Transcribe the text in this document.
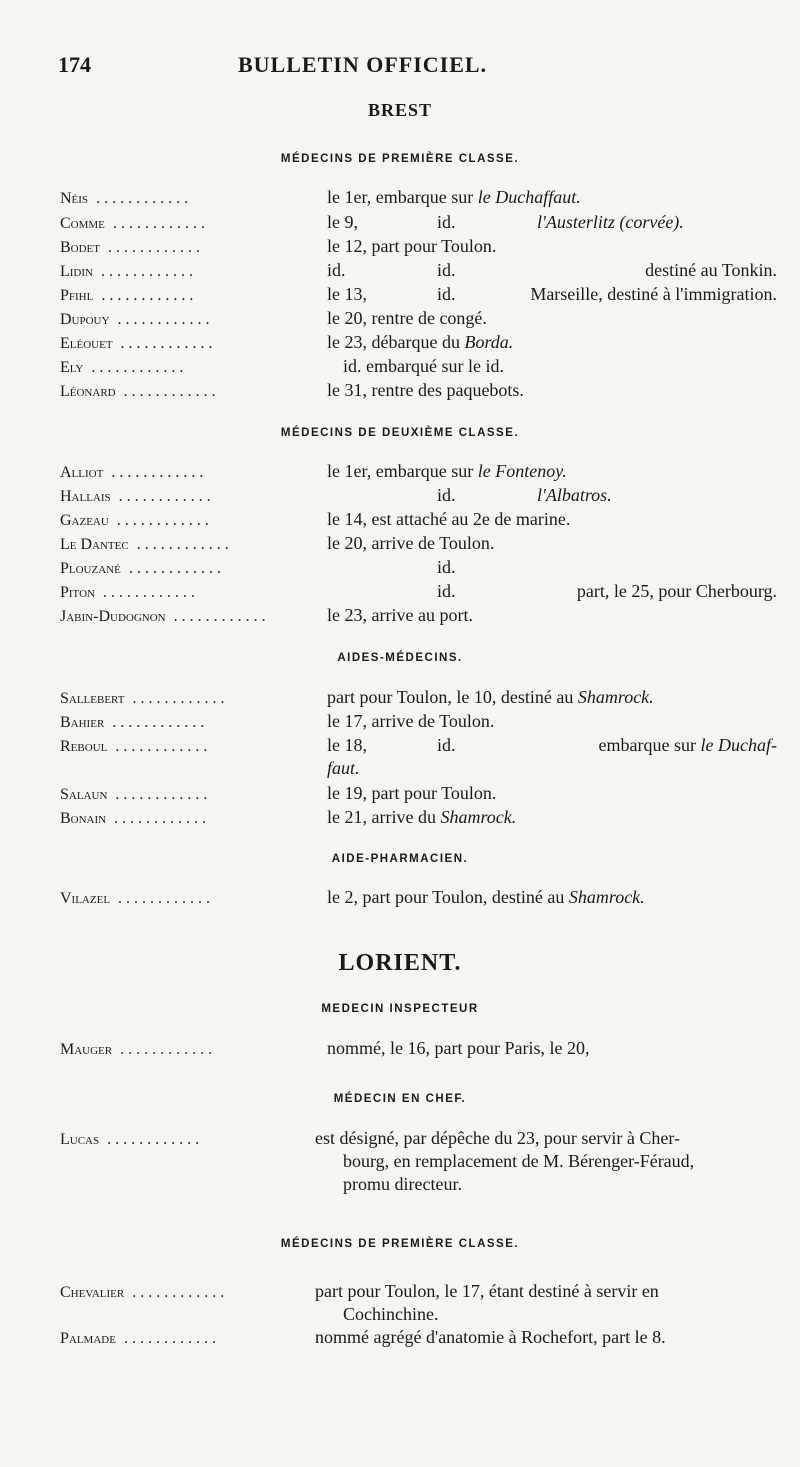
174	BULLETIN OFFICIEL.
BREST
MÉDECINS DE PREMIÈRE CLASSE.
Néis ............	le 1er, embarque sur le Duchaffaut.
Comme ............	le 9,	id.	l'Austerlitz (corvée).
Bodet ............	le 12, part pour Toulon.
Lidin ............	id.	id.	destiné au Tonkin.
Pfihl ............	le 13,	id.	Marseille, destiné à l'immigration.
Dupouy ............	le 20, rentre de congé.
Eléouet ............	le 23, débarque du Borda.
Ely ............	id. embarqué sur le id.
Léonard ............	le 31, rentre des paquebots.
MÉDECINS DE DEUXIÈME CLASSE.
Alliot ............	le 1er, embarque sur le Fontenoy.
Hallais ............	id.	l'Albatros.
Gazeau ............	le 14, est attaché au 2e de marine.
Le Dantec ............	le 20, arrive de Toulon.
Plouzané ............	id.
Piton ............	id.	part, le 25, pour Cherbourg.
Jabin-Dudognon ............	le 23, arrive au port.
AIDES-MÉDECINS.
Sallebert ............	part pour Toulon, le 10, destiné au Shamrock.
Bahier ............	le 17, arrive de Toulon.
Reboul ............	le 18,	id.	embarque sur le Duchaf-
faut.
Salaun ............	le 19, part pour Toulon.
Bonain ............	le 21, arrive du Shamrock.
AIDE-PHARMACIEN.
Vilazel ............	le 2, part pour Toulon, destiné au Shamrock.
LORIENT.
MEDECIN INSPECTEUR
Mauger ............	nommé, le 16, part pour Paris, le 20,
MÉDECIN EN CHEF.
Lucas ............	est désigné, par dépêche du 23, pour servir à Cher-
bourg, en remplacement de M. Bérenger-Féraud,
promu directeur.
MÉDECINS DE PREMIÈRE CLASSE.
Chevalier ............	part pour Toulon, le 17, étant destiné à servir en
Cochinchine.
Palmade ............	nommé agrégé d'anatomie à Rochefort, part le 8.
